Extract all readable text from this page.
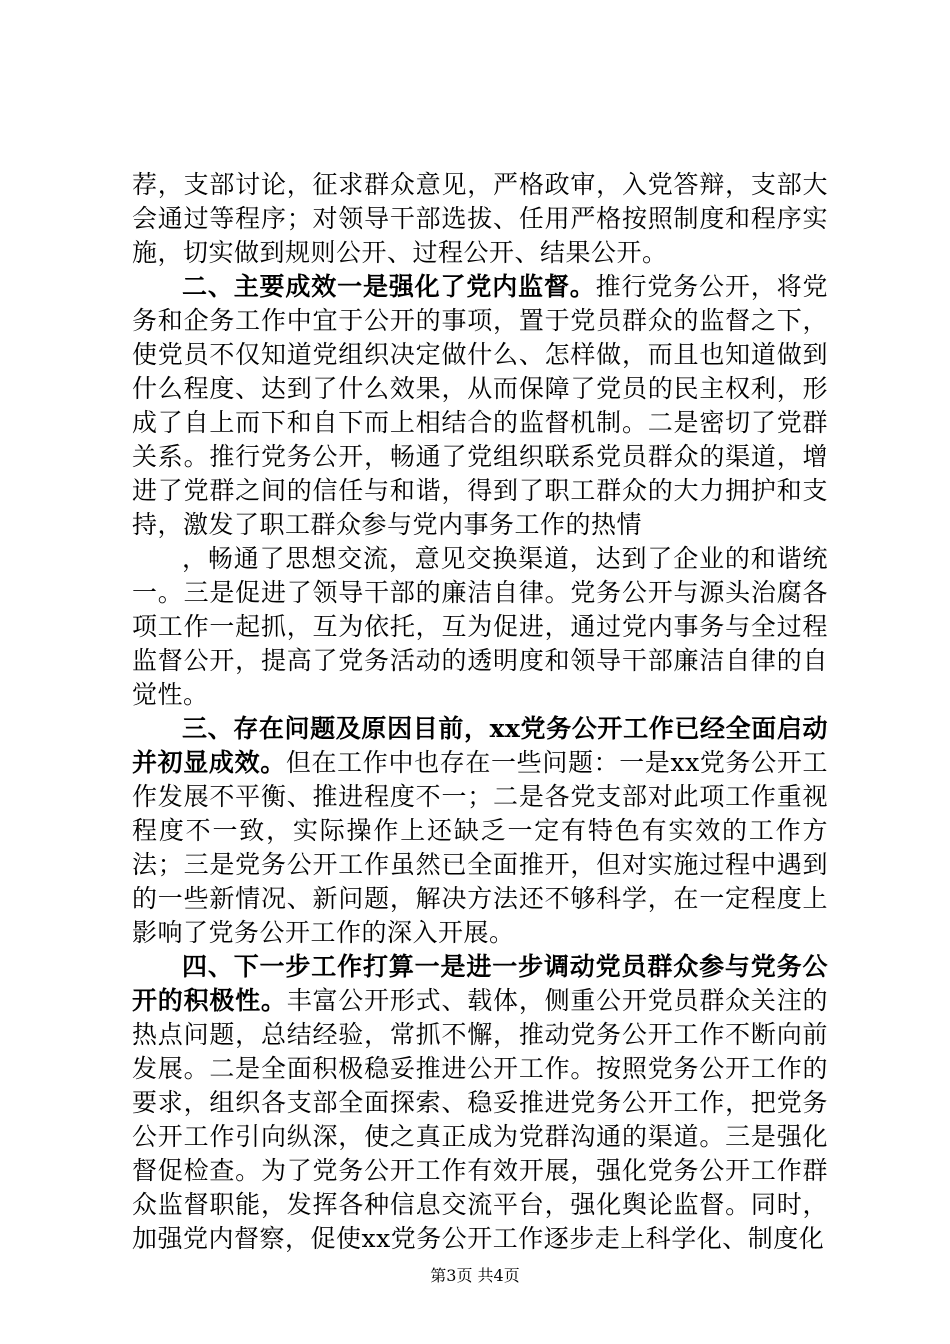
荐，支部讨论，征求群众意见，严格政审，入党答辩，支部大会通过等程序；对领导干部选拔、任用严格按照制度和程序实施，切实做到规则公开、过程公开、结果公开。

二、主要成效一是强化了党内监督。推行党务公开，将党务和企务工作中宜于公开的事项，置于党员群众的监督之下，使党员不仅知道党组织决定做什么、怎样做，而且也知道做到什么程度、达到了什么效果，从而保障了党员的民主权利，形成了自上而下和自下而上相结合的监督机制。二是密切了党群关系。推行党务公开，畅通了党组织联系党员群众的渠道，增进了党群之间的信任与和谐，得到了职工群众的大力拥护和支持，激发了职工群众参与党内事务工作的热情

，畅通了思想交流，意见交换渠道，达到了企业的和谐统一。三是促进了领导干部的廉洁自律。党务公开与源头治腐各项工作一起抓，互为依托，互为促进，通过党内事务与全过程监督公开，提高了党务活动的透明度和领导干部廉洁自律的自觉性。

三、存在问题及原因目前，xx党务公开工作已经全面启动并初显成效。但在工作中也存在一些问题：一是xx党务公开工作发展不平衡、推进程度不一；二是各党支部对此项工作重视程度不一致，实际操作上还缺乏一定有特色有实效的工作方法；三是党务公开工作虽然已全面推开，但对实施过程中遇到的一些新情况、新问题，解决方法还不够科学，在一定程度上影响了党务公开工作的深入开展。

四、下一步工作打算一是进一步调动党员群众参与党务公开的积极性。丰富公开形式、载体，侧重公开党员群众关注的热点问题，总结经验，常抓不懈，推动党务公开工作不断向前发展。二是全面积极稳妥推进公开工作。按照党务公开工作的要求，组织各支部全面探索、稳妥推进党务公开工作，把党务公开工作引向纵深，使之真正成为党群沟通的渠道。三是强化督促检查。为了党务公开工作有效开展，强化党务公开工作群众监督职能，发挥各种信息交流平台，强化舆论监督。同时，加强党内督察，促使xx党务公开工作逐步走上科学化、制度化

第3页 共4页
